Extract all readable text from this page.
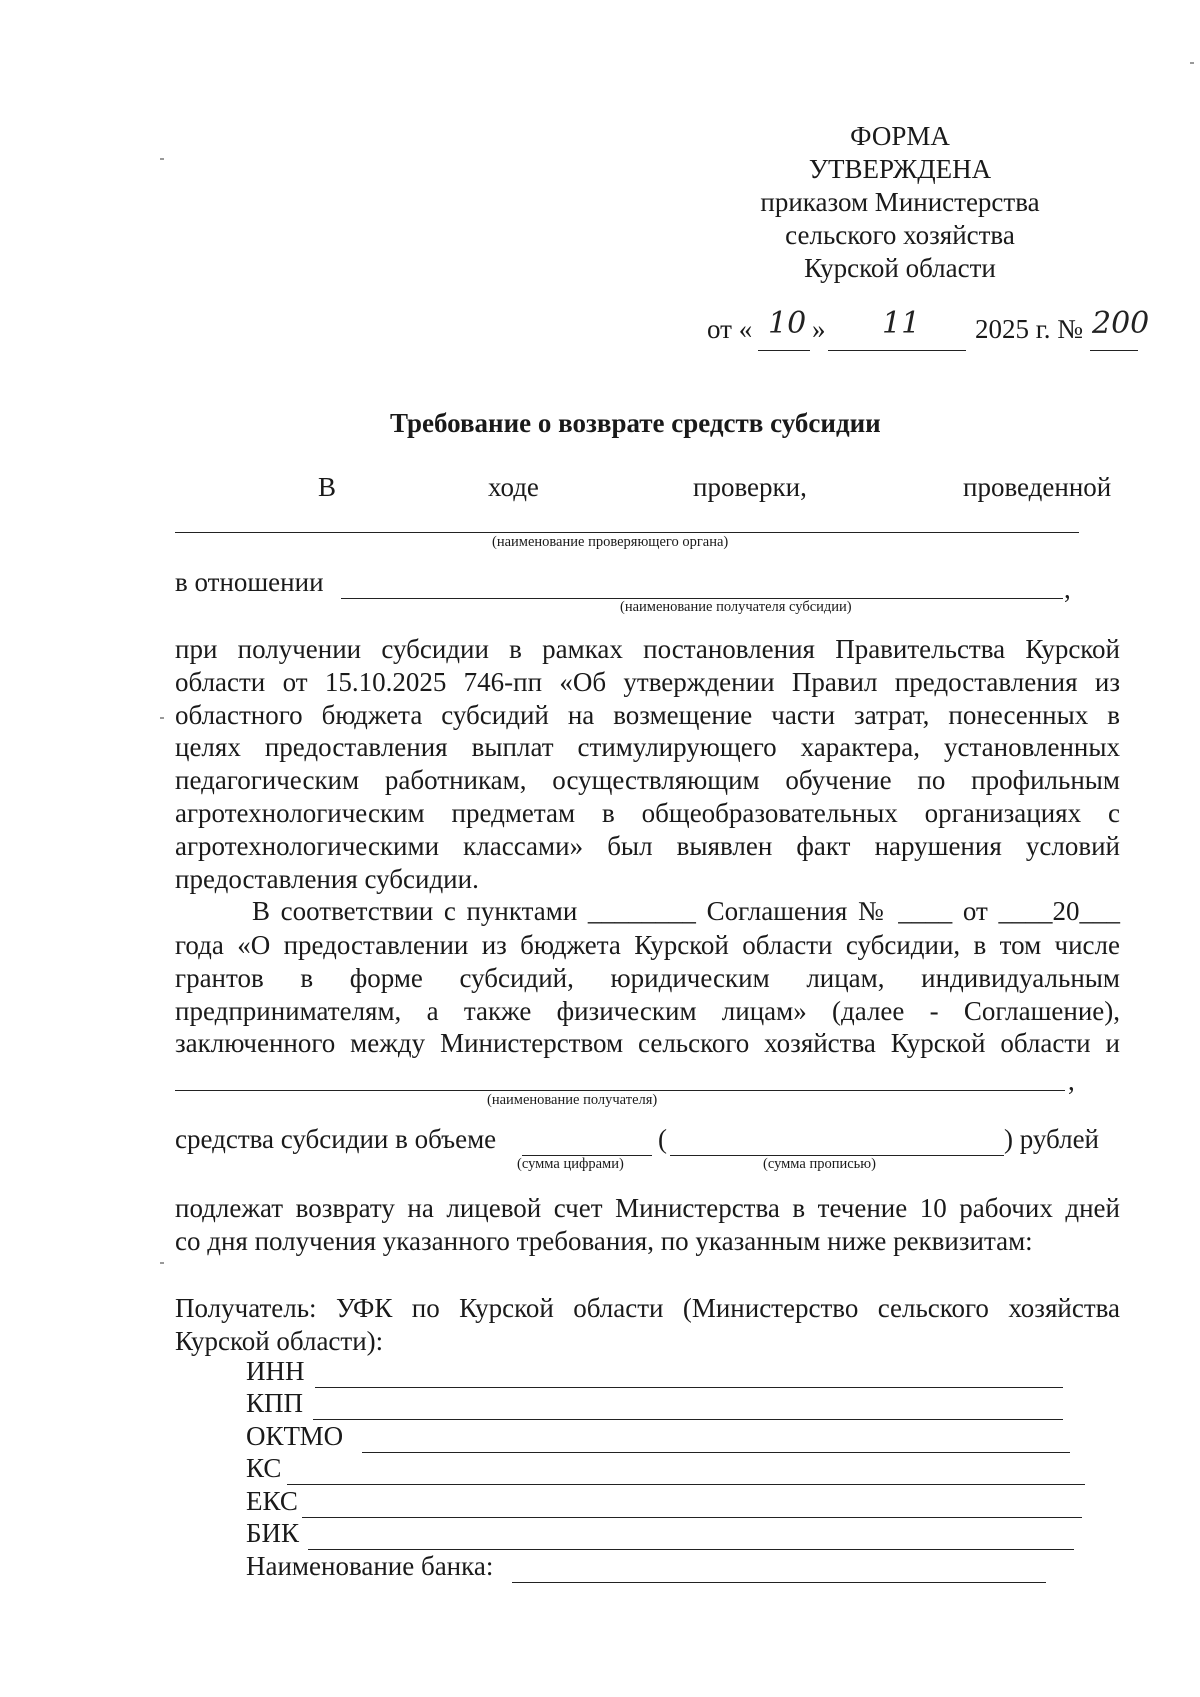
ФОРМА
УТВЕРЖДЕНА
приказом Министерства
сельского хозяйства
Курской области
от « 10 » 11 2025 г. № 200
Требование о возврате средств субсидии
В	ходе	проверки,	проведенной
(наименование проверяющего органа)
в отношении	,
(наименование получателя субсидии)
при получении субсидии в рамках постановления Правительства Курской
области от 15.10.2025 746-пп «Об утверждении Правил предоставления из
областного бюджета субсидий на возмещение части затрат, понесенных в
целях предоставления выплат стимулирующего характера, установленных
педагогическим работникам, осуществляющим обучение по профильным
агротехнологическим предметам в общеобразовательных организациях с
агротехнологическими классами» был выявлен факт нарушения условий
предоставления субсидии.
В соответствии с пунктами ________ Соглашения № ____ от ____20___
года «О предоставлении из бюджета Курской области субсидии, в том числе
грантов в форме субсидий, юридическим лицам, индивидуальным
предпринимателям, а также физическим лицам» (далее - Соглашение),
заключенного между Министерством сельского хозяйства Курской области и
,
(наименование получателя)
средства субсидии в объеме	(	) рублей
(сумма цифрами)	(сумма прописью)
подлежат возврату на лицевой счет Министерства в течение 10 рабочих дней
со дня получения указанного требования, по указанным ниже реквизитам:
Получатель: УФК по Курской области (Министерство сельского хозяйства
Курской области):
ИНН
КПП
ОКТМО
КС
ЕКС
БИК
Наименование банка:
